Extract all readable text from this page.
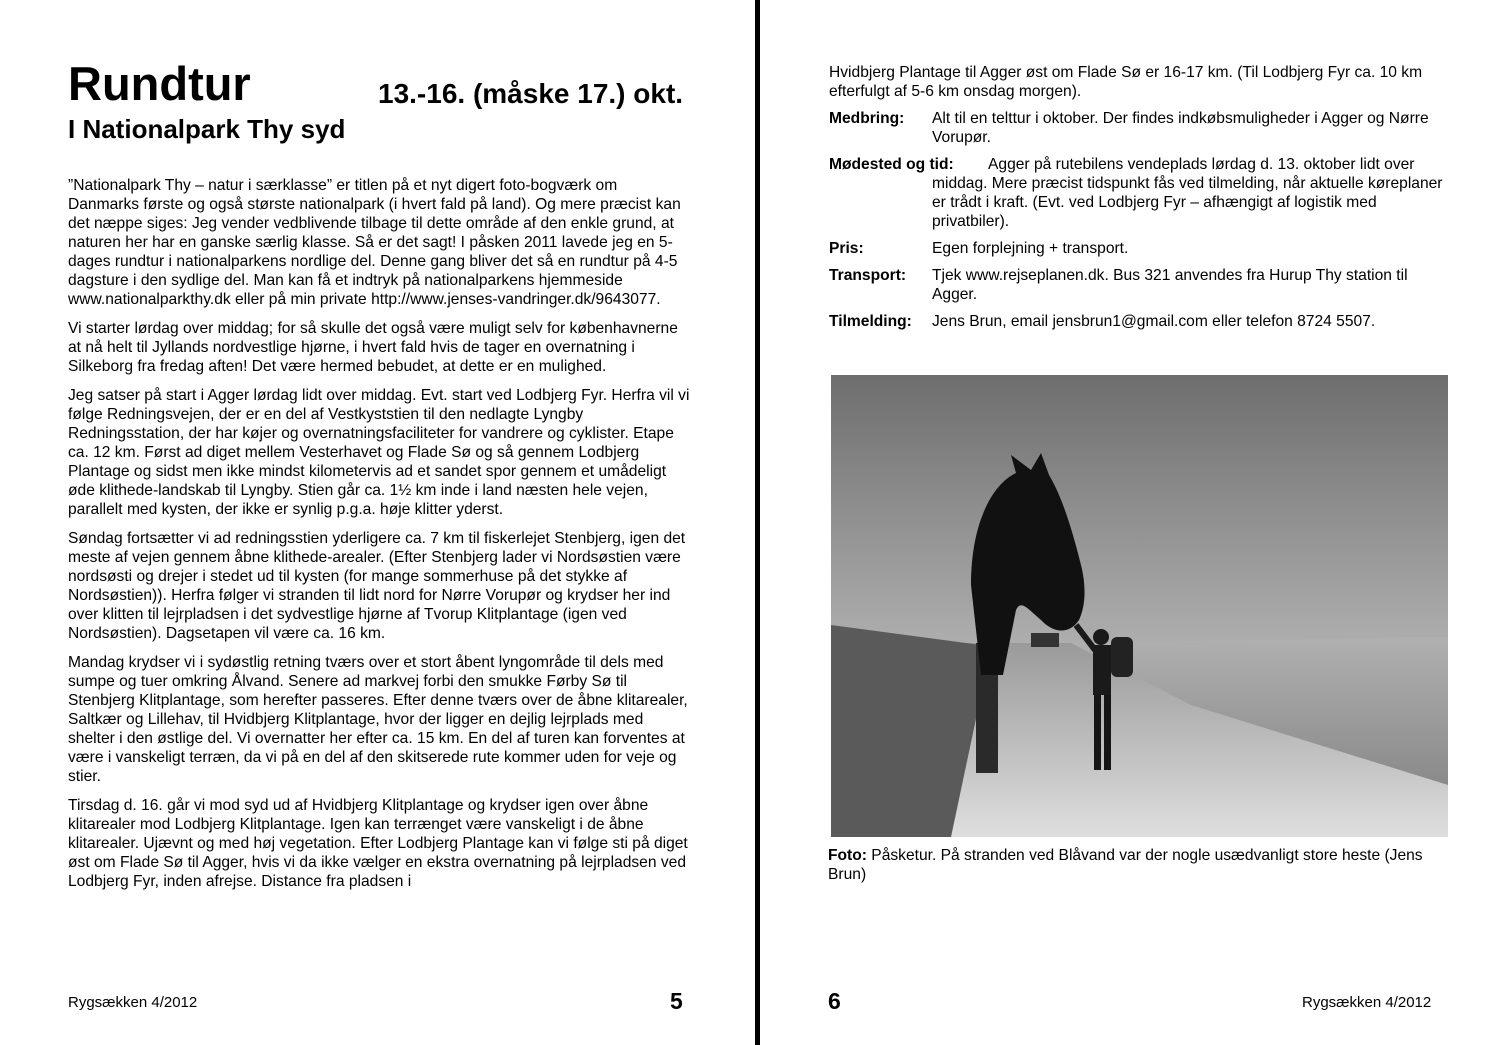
Rundtur	13.-16. (måske 17.) okt.
I Nationalpark Thy syd

”Nationalpark Thy – natur i særklasse” er titlen på et nyt digert foto-bogværk om Danmarks første og også største nationalpark (i hvert fald på land). Og mere præcist kan det næppe siges: Jeg vender vedblivende tilbage til dette område af den enkle grund, at naturen her har en ganske særlig klasse. Så er det sagt! I påsken 2011 lavede jeg en 5-dages rundtur i nationalparkens nordlige del. Denne gang bliver det så en rundtur på 4-5 dagsture i den sydlige del. Man kan få et indtryk på nationalparkens hjemmeside www.nationalparkthy.dk eller på min private http://www.jenses-vandringer.dk/9643077.

Vi starter lørdag over middag; for så skulle det også være muligt selv for københavnerne at nå helt til Jyllands nordvestlige hjørne, i hvert fald hvis de tager en overnatning i Silkeborg fra fredag aften! Det være hermed bebudet, at dette er en mulighed.

Jeg satser på start i Agger lørdag lidt over middag. Evt. start ved Lodbjerg Fyr. Herfra vil vi følge Redningsvejen, der er en del af Vestkyststien til den nedlagte Lyngby Redningsstation, der har køjer og overnatningsfaciliteter for vandrere og cyklister. Etape ca. 12 km. Først ad diget mellem Vesterhavet og Flade Sø og så gennem Lodbjerg Plantage og sidst men ikke mindst kilometervis ad et sandet spor gennem et umådeligt øde klithede-landskab til Lyngby. Stien går ca. 1½ km inde i land næsten hele vejen, parallelt med kysten, der ikke er synlig p.g.a. høje klitter yderst.

Søndag fortsætter vi ad redningsstien yderligere ca. 7 km til fiskerlejet Stenbjerg, igen det meste af vejen gennem åbne klithede-arealer. (Efter Stenbjerg lader vi Nordsøstien være nordsøsti og drejer i stedet ud til kysten (for mange sommerhuse på det stykke af Nordsøstien)). Herfra følger vi stranden til lidt nord for Nørre Vorupør og krydser her ind over klitten til lejrpladsen i det sydvestlige hjørne af Tvorup Klitplantage (igen ved Nordsøstien). Dagsetapen vil være ca. 16 km.

Mandag krydser vi i sydøstlig retning tværs over et stort åbent lyngområde til dels med sumpe og tuer omkring Ålvand. Senere ad markvej forbi den smukke Førby Sø til Stenbjerg Klitplantage, som herefter passeres. Efter denne tværs over de åbne klitarealer, Saltkær og Lillehav, til Hvidbjerg Klitplantage, hvor der ligger en dejlig lejrplads med shelter i den østlige del. Vi overnatter her efter ca. 15 km. En del af turen kan forventes at være i vanskeligt terræn, da vi på en del af den skitserede rute kommer uden for veje og stier.

Tirsdag d. 16. går vi mod syd ud af Hvidbjerg Klitplantage og krydser igen over åbne klitarealer mod Lodbjerg Klitplantage. Igen kan terrænget være vanskeligt i de åbne klitarealer. Ujævnt og med høj vegetation. Efter Lodbjerg Plantage kan vi følge sti på diget øst om Flade Sø til Agger, hvis vi da ikke vælger en ekstra overnatning på lejrpladsen ved Lodbjerg Fyr, inden afrejse. Distance fra pladsen i

Rygsækken 4/2012	5

Hvidbjerg Plantage til Agger øst om Flade Sø er 16-17 km. (Til Lodbjerg Fyr ca. 10 km efterfulgt af 5-6 km onsdag morgen).

Medbring:	Alt til en telttur i oktober. Der findes indkøbsmuligheder i Agger og Nørre Vorupør.

Mødested og tid: Agger på rutebilens vendeplads lørdag d. 13. oktober lidt over middag. Mere præcist tidspunkt fås ved tilmelding, når aktuelle køreplaner er trådt i kraft. (Evt. ved Lodbjerg Fyr – afhængigt af logistik med privatbiler).	

Pris:	Egen forplejning + transport.
Transport:	Tjek www.rejseplanen.dk. Bus 321 anvendes fra Hurup Thy station til Agger.
Tilmelding:	Jens Brun, email jensbrun1@gmail.com eller telefon 8724 5507.

Foto: Påsketur. På stranden ved Blåvand var der nogle usædvanligt store heste (Jens Brun)

6	Rygsækken 4/2012
